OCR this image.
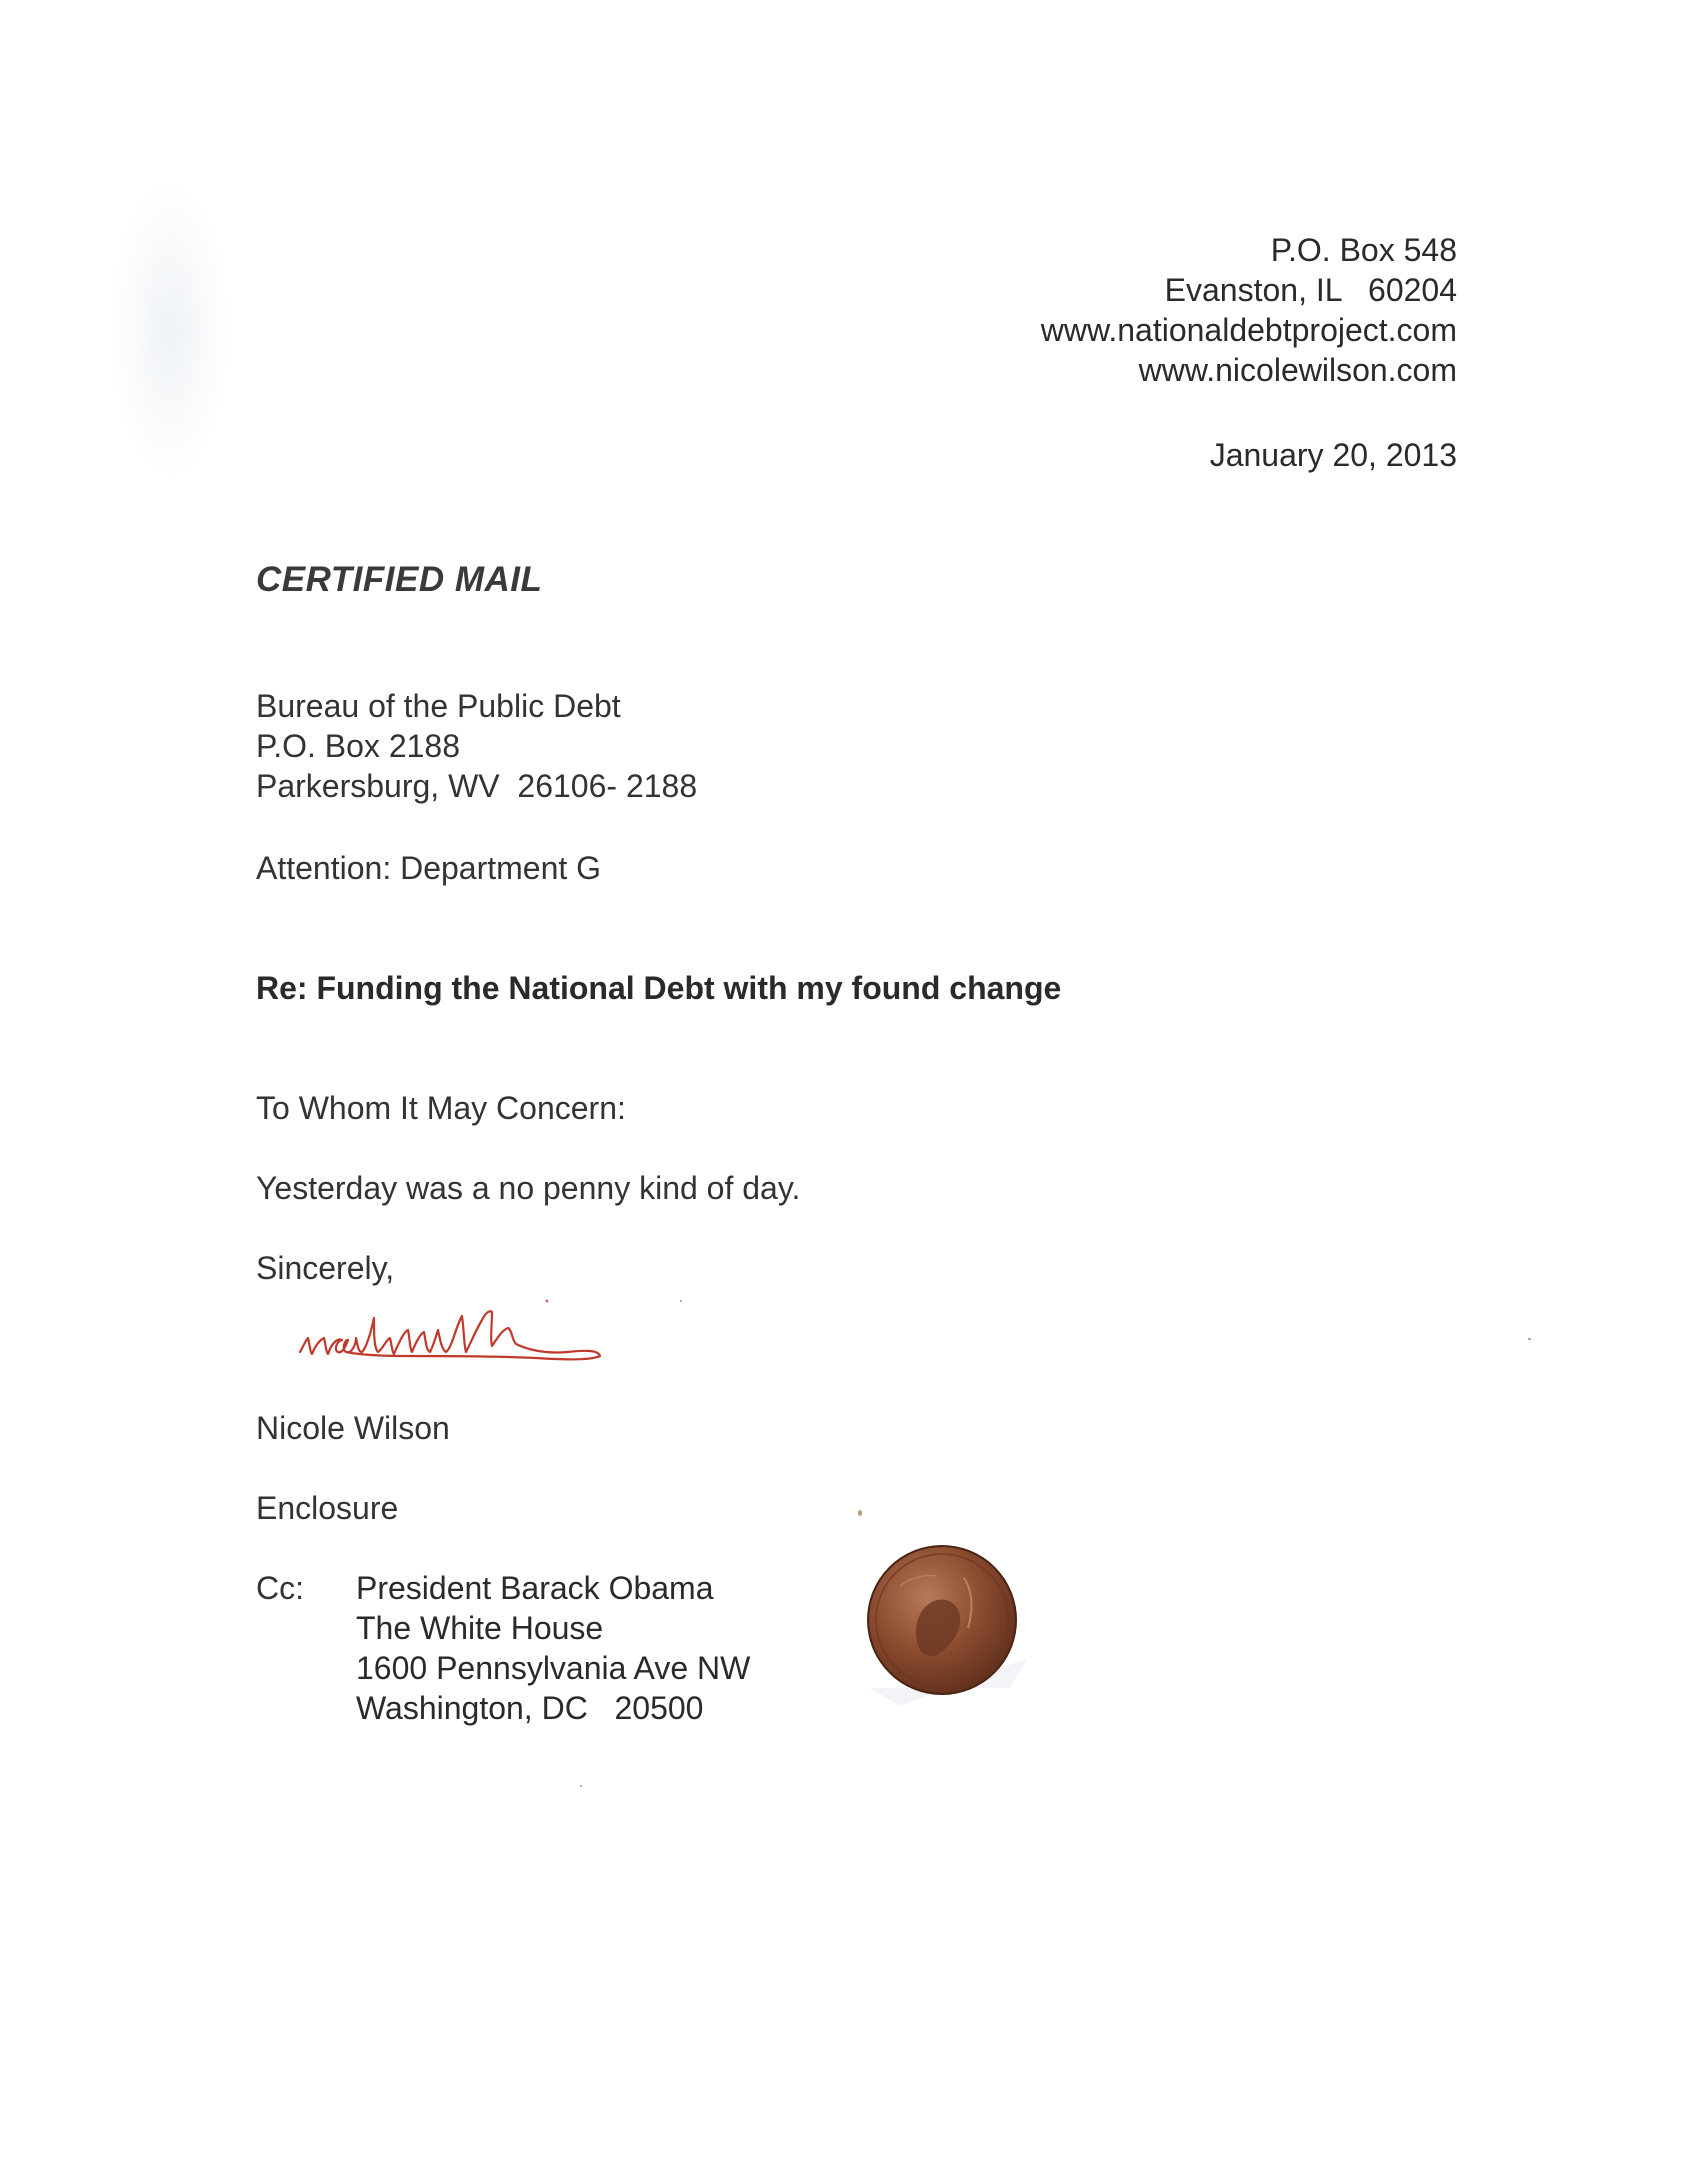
P.O. Box 548
Evanston, IL   60204
www.nationaldebtproject.com
www.nicolewilson.com
January 20, 2013
CERTIFIED MAIL
Bureau of the Public Debt
P.O. Box 2188
Parkersburg, WV  26106- 2188
Attention: Department G
Re: Funding the National Debt with my found change
To Whom It May Concern:
Yesterday was a no penny kind of day.
Sincerely,
Nicole Wilson
Enclosure
Cc: President Barack Obama
The White House
1600 Pennsylvania Ave NW
Washington, DC   20500
